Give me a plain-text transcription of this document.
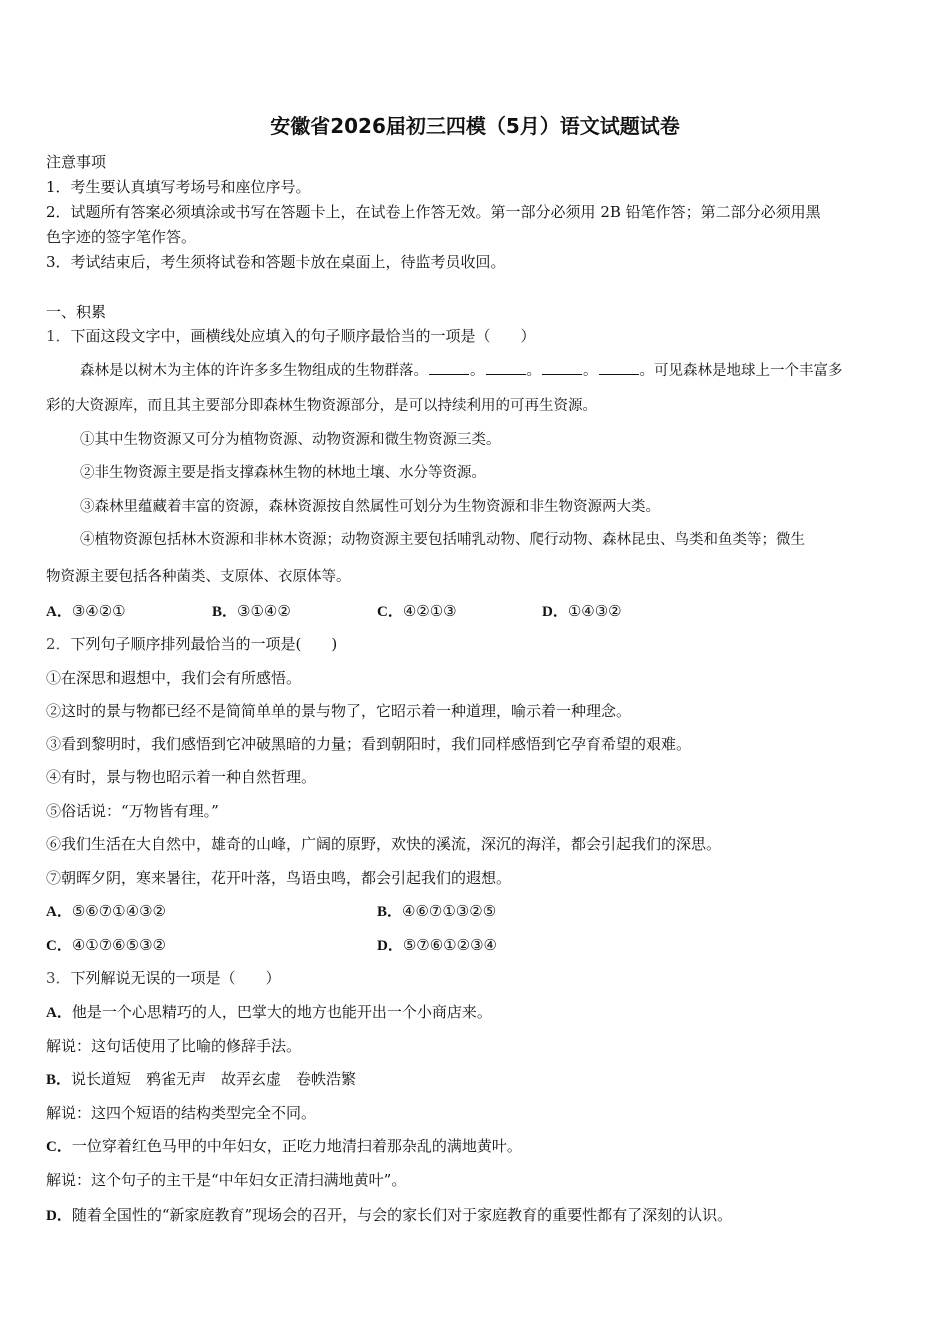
安徽省2026届初三四模（5月）语文试题试卷
注意事项
1．考生要认真填写考场号和座位序号。
2．试题所有答案必须填涂或书写在答题卡上，在试卷上作答无效。第一部分必须用 2B 铅笔作答；第二部分必须用黑
色字迹的签字笔作答。
3．考试结束后，考生须将试卷和答题卡放在桌面上，待监考员收回。
一、积累
1．下面这段文字中，画横线处应填入的句子顺序最恰当的一项是（　　）
森林是以树木为主体的许许多多生物组成的生物群落。	。	。	。	。可见森林是地球上一个丰富多
彩的大资源库，而且其主要部分即森林生物资源部分，是可以持续利用的可再生资源。
①其中生物资源又可分为植物资源、动物资源和微生物资源三类。
②非生物资源主要是指支撑森林生物的林地土壤、水分等资源。
③森林里蕴藏着丰富的资源，森林资源按自然属性可划分为生物资源和非生物资源两大类。
④植物资源包括林木资源和非林木资源；动物资源主要包括哺乳动物、爬行动物、森林昆虫、鸟类和鱼类等；微生
物资源主要包括各种菌类、支原体、衣原体等。
A．③④②①	B．③①④②	C．④②①③	D．①④③②
2．下列句子顺序排列最恰当的一项是(　　)
①在深思和遐想中，我们会有所感悟。
②这时的景与物都已经不是简简单单的景与物了，它昭示着一种道理，喻示着一种理念。
③看到黎明时，我们感悟到它冲破黑暗的力量；看到朝阳时，我们同样感悟到它孕育希望的艰难。
④有时，景与物也昭示着一种自然哲理。
⑤俗话说：“万物皆有理。”
⑥我们生活在大自然中，雄奇的山峰，广阔的原野，欢快的溪流，深沉的海洋，都会引起我们的深思。
⑦朝晖夕阴，寒来暑往，花开叶落，鸟语虫鸣，都会引起我们的遐想。
A．⑤⑥⑦①④③②	B．④⑥⑦①③②⑤
C．④①⑦⑥⑤③②	D．⑤⑦⑥①②③④
3．下列解说无误的一项是（　　）
A．他是一个心思精巧的人，巴掌大的地方也能开出一个小商店来。
解说：这句话使用了比喻的修辞手法。
B．说长道短　鸦雀无声　故弄玄虚　卷帙浩繁
解说：这四个短语的结构类型完全不同。
C．一位穿着红色马甲的中年妇女，正吃力地清扫着那杂乱的满地黄叶。
解说：这个句子的主干是“中年妇女正清扫满地黄叶”。
D．随着全国性的“新家庭教育”现场会的召开，与会的家长们对于家庭教育的重要性都有了深刻的认识。
